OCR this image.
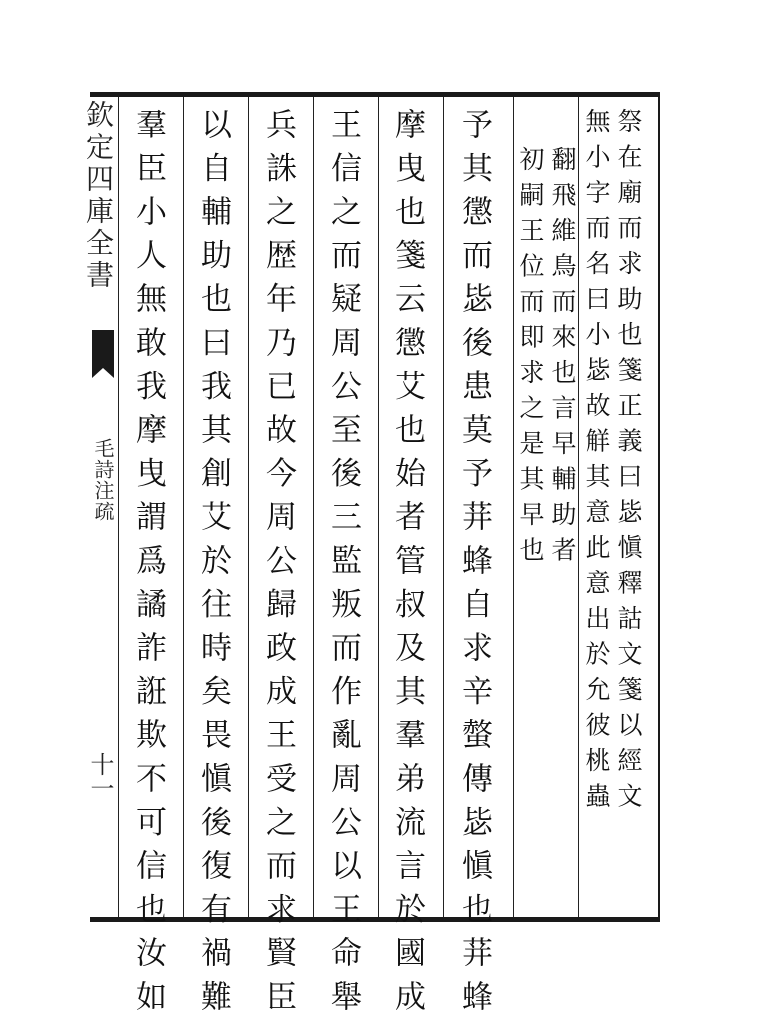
欽定四庫全書
毛詩注疏
十一	祭在廟而求助也箋正義曰毖愼釋詁文箋以經文
無小字而名曰小毖故觧其意此意出於允彼桃蟲
翻飛維鳥而來也言早輔助者
初嗣王位而即求之是其早也
予其懲而毖後患莫予荓蜂自求辛螫傳毖愼也荓蜂
摩曳也箋云懲艾也始者管叔及其羣弟流言於國成
王信之而疑周公至後三監叛而作亂周公以王命舉
兵誅之歴年乃已故今周公歸政成王受之而求賢臣
以自輔助也曰我其創艾於往時矣畏愼後復有禍難
羣臣小人無敢我摩曳謂爲譎詐誑欺不可信也汝如
